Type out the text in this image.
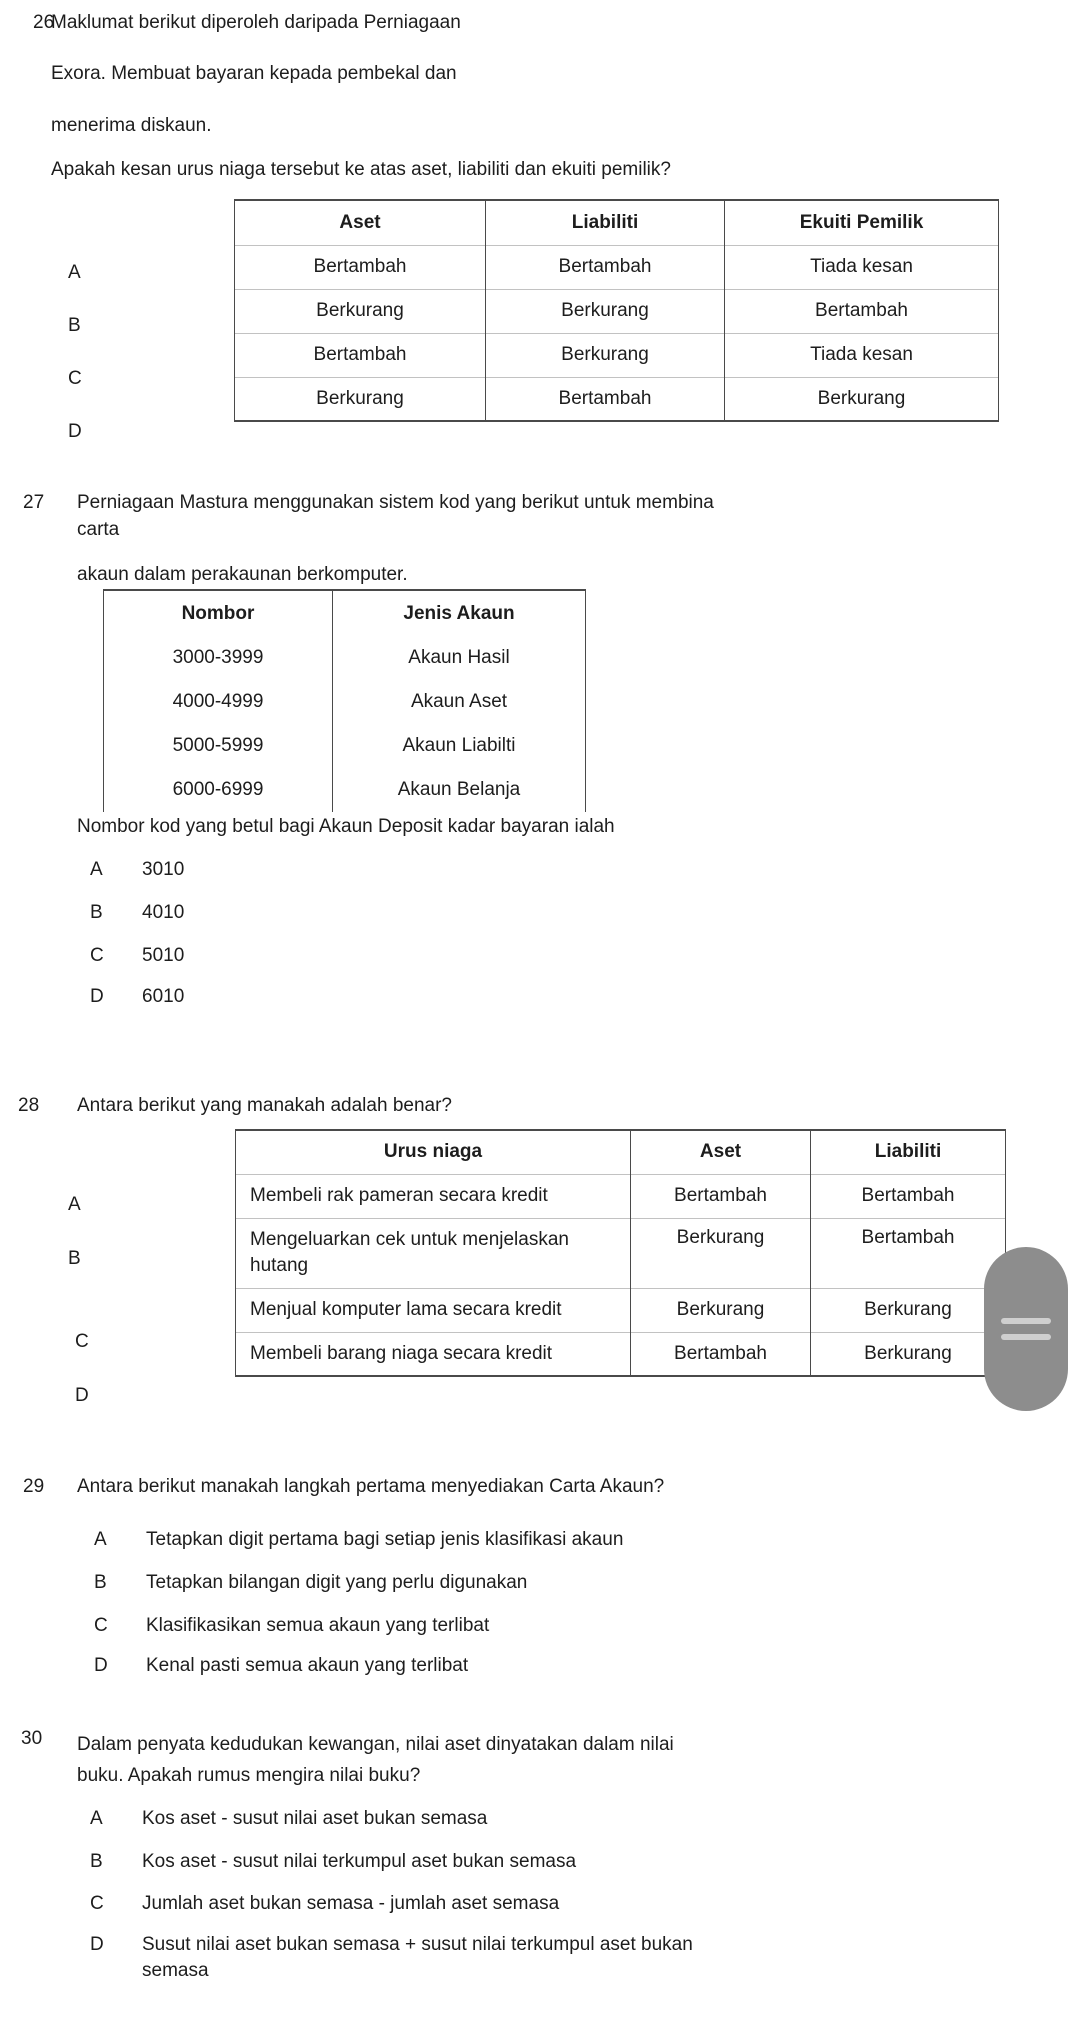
26

Maklumat berikut diperoleh daripada Perniagaan

Exora. Membuat bayaran kepada pembekal dan

menerima diskaun.

Apakah kesan urus niaga tersebut ke atas aset, liabiliti dan ekuiti pemilik?

A
B
C
D
Aset	Liabiliti	Ekuiti Pemilik
Bertambah	Bertambah	Tiada kesan
Berkurang	Berkurang	Bertambah
Bertambah	Berkurang	Tiada kesan
Berkurang	Bertambah	Berkurang

27 Perniagaan Mastura menggunakan sistem kod yang berikut untuk membina

carta

akaun dalam perakaunan berkomputer.

Nombor	Jenis Akaun
3000-3999	Akaun Hasil
4000-4999	Akaun Aset
5000-5999	Akaun Liabilti
6000-6999	Akaun Belanja

Nombor kod yang betul bagi Akaun Deposit kadar bayaran ialah

A	3010
B	4010
C	5010
D	6010

28 Antara berikut yang manakah adalah benar?

A
B
C
D
Urus niaga	Aset	Liabiliti
Membeli rak pameran secara kredit	Bertambah	Bertambah
Mengeluarkan cek untuk menjelaskan hutang	Berkurang	Bertambah
Menjual komputer lama secara kredit	Berkurang	Berkurang
Membeli barang niaga secara kredit	Bertambah	Berkurang

29 Antara berikut manakah langkah pertama menyediakan Carta Akaun?

A	Tetapkan digit pertama bagi setiap jenis klasifikasi akaun
B	Tetapkan bilangan digit yang perlu digunakan
C	Klasifikasikan semua akaun yang terlibat
D	Kenal pasti semua akaun yang terlibat

30 Dalam penyata kedudukan kewangan, nilai aset dinyatakan dalam nilai

buku. Apakah rumus mengira nilai buku?

A	Kos aset - susut nilai aset bukan semasa
B	Kos aset - susut nilai terkumpul aset bukan semasa
C	Jumlah aset bukan semasa - jumlah aset semasa
D	Susut nilai aset bukan semasa + susut nilai terkumpul aset bukan
semasa
